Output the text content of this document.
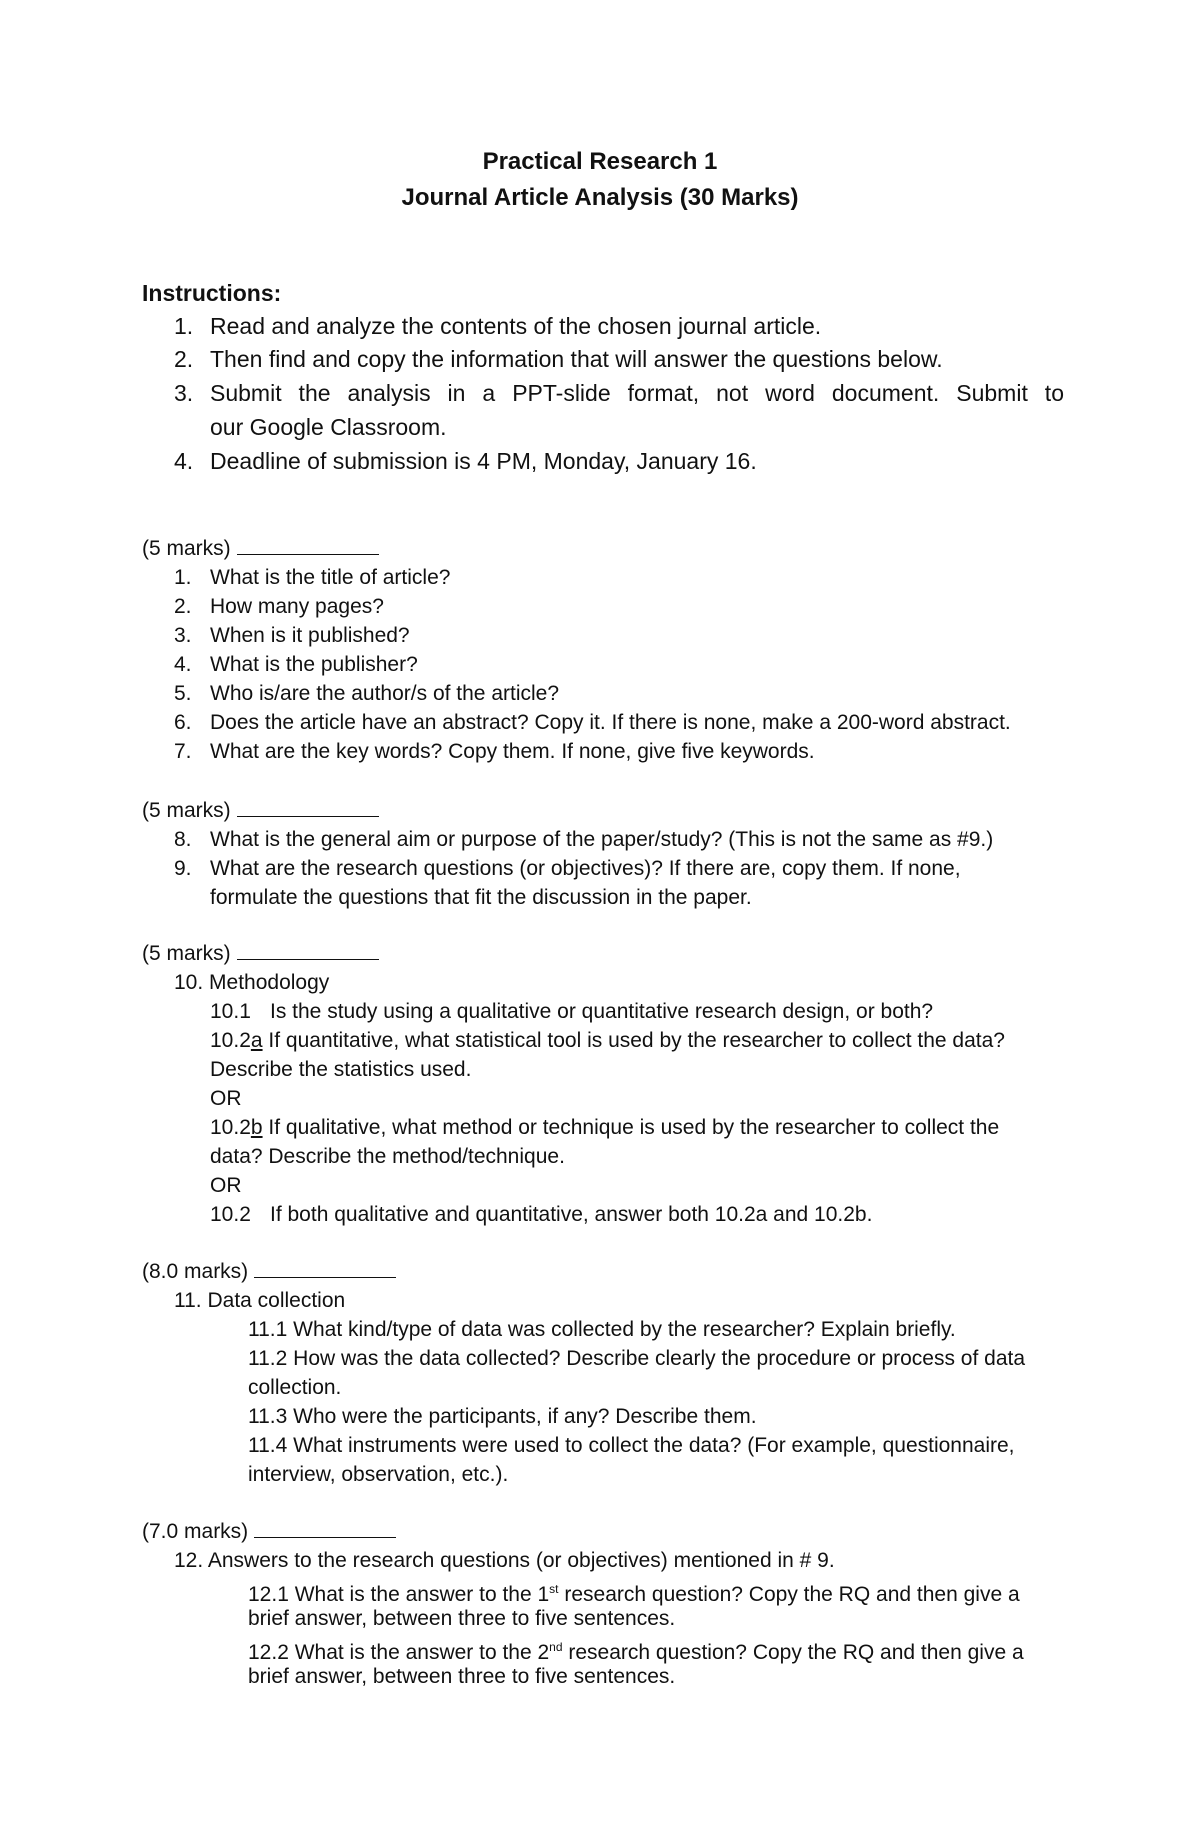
Practical Research 1
Journal Article Analysis (30 Marks)
Instructions:
1. Read and analyze the contents of the chosen journal article.
2. Then find and copy the information that will answer the questions below.
3. Submit the analysis in a PPT-slide format, not word document. Submit to
our Google Classroom.
4. Deadline of submission is 4 PM, Monday, January 16.
(5 marks)
1. What is the title of article?
2. How many pages?
3. When is it published?
4. What is the publisher?
5. Who is/are the author/s of the article?
6. Does the article have an abstract? Copy it. If there is none, make a 200-word abstract.
7. What are the key words? Copy them. If none, give five keywords.
(5 marks)
8. What is the general aim or purpose of the paper/study? (This is not the same as #9.)
9. What are the research questions (or objectives)? If there are, copy them. If none,
formulate the questions that fit the discussion in the paper.
(5 marks)
10. Methodology
10.1 Is the study using a qualitative or quantitative research design, or both?
10.2a If quantitative, what statistical tool is used by the researcher to collect the data?
Describe the statistics used.
OR
10.2b If qualitative, what method or technique is used by the researcher to collect the
data? Describe the method/technique.
OR
10.2 If both qualitative and quantitative, answer both 10.2a and 10.2b.
(8.0 marks)
11. Data collection
11.1 What kind/type of data was collected by the researcher? Explain briefly.
11.2 How was the data collected? Describe clearly the procedure or process of data
collection.
11.3 Who were the participants, if any? Describe them.
11.4 What instruments were used to collect the data? (For example, questionnaire,
interview, observation, etc.).
(7.0 marks)
12. Answers to the research questions (or objectives) mentioned in # 9.
12.1 What is the answer to the 1st research question? Copy the RQ and then give a
brief answer, between three to five sentences.
12.2 What is the answer to the 2nd research question? Copy the RQ and then give a
brief answer, between three to five sentences.
